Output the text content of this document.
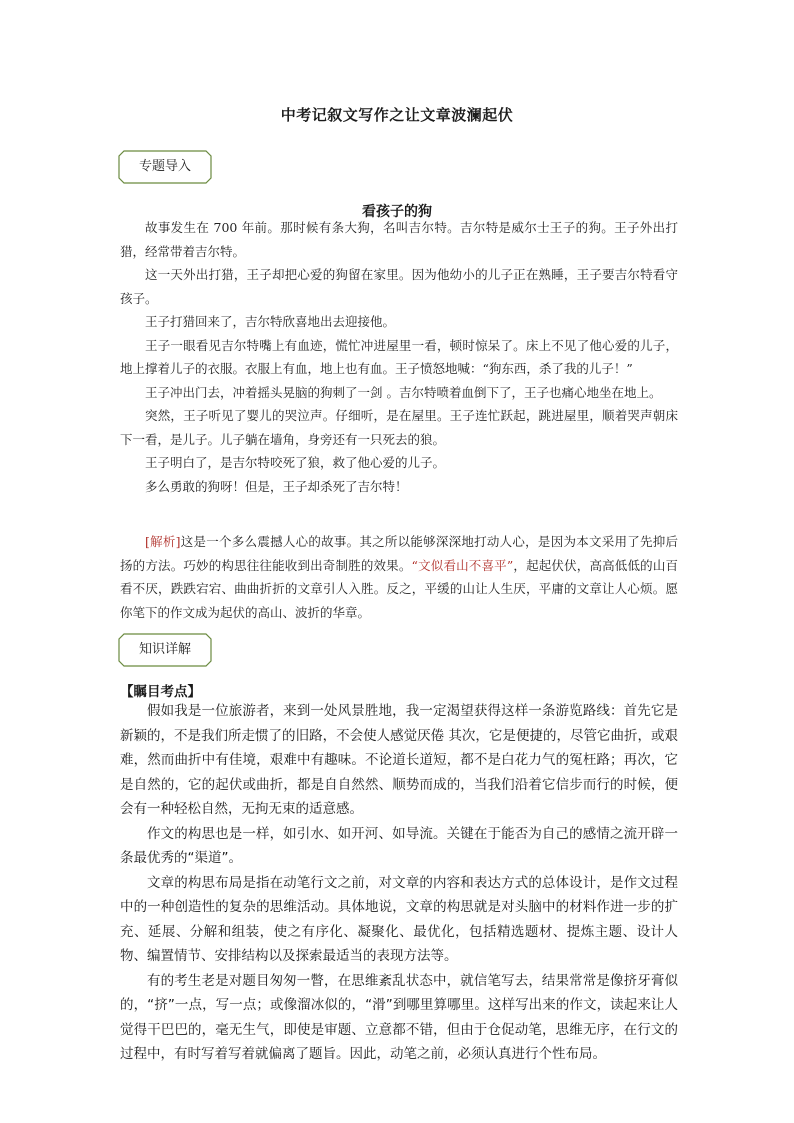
中考记叙文写作之让文章波澜起伏
专题导入
看孩子的狗

故事发生在 700 年前。那时候有条大狗，名叫吉尔特。吉尔特是威尔士王子的狗。王子外出打猎，经常带着吉尔特。

这一天外出打猎，王子却把心爱的狗留在家里。因为他幼小的儿子正在熟睡，王子要吉尔特看守孩子。

王子打猎回来了，吉尔特欣喜地出去迎接他。

王子一眼看见吉尔特嘴上有血迹，慌忙冲进屋里一看，顿时惊呆了。床上不见了他心爱的儿子，地上撑着儿子的衣服。衣服上有血，地上也有血。王子愤怒地喊：“狗东西，杀了我的儿子！”

王子冲出门去，冲着摇头晃脑的狗刺了一剑 。吉尔特喷着血倒下了，王子也痛心地坐在地上。

突然，王子听见了婴儿的哭泣声。仔细听，是在屋里。王子连忙跃起，跳进屋里，顺着哭声朝床下一看，是儿子。儿子躺在墙角，身旁还有一只死去的狼。

王子明白了，是吉尔特咬死了狼，救了他心爱的儿子。

多么勇敢的狗呀！但是，王子却杀死了吉尔特！

[解析]这是一个多么震撼人心的故事。其之所以能够深深地打动人心，是因为本文采用了先抑后扬的方法。巧妙的构思往往能收到出奇制胜的效果。“文似看山不喜平”，起起伏伏，高高低低的山百看不厌，跌跌宕宕、曲曲折折的文章引人入胜。反之，平缓的山让人生厌，平庸的文章让人心烦。愿你笔下的作文成为起伏的高山、波折的华章。
知识详解
【瞩目考点】

假如我是一位旅游者，来到一处风景胜地，我一定渴望获得这样一条游览路线：首先它是新颖的，不是我们所走惯了的旧路，不会使人感觉厌倦 其次，它是便捷的，尽管它曲折，或艰难，然而曲折中有佳境，艰难中有趣味。不论道长道短，都不是白花力气的冤枉路；再次，它是自然的，它的起伏或曲折，都是自自然然、顺势而成的，当我们沿着它信步而行的时候，便会有一种轻松自然，无拘无束的适意感。

作文的构思也是一样，如引水、如开河、如导流。关键在于能否为自己的感情之流开辟一条最优秀的“渠道”。

文章的构思布局是指在动笔行文之前，对文章的内容和表达方式的总体设计，是作文过程中的一种创造性的复杂的思维活动。具体地说，文章的构思就是对头脑中的材料作进一步的扩充、延展、分解和组装，使之有序化、凝聚化、最优化，包括精选题材、提炼主题、设计人物、编置情节、安排结构以及探索最适当的表现方法等。

有的考生老是对题目匆匆一瞥，在思维紊乱状态中，就信笔写去，结果常常是像挤牙膏似的，“挤”一点，写一点；或像溜冰似的，“滑”到哪里算哪里。这样写出来的作文，读起来让人觉得干巴巴的，毫无生气，即使是审题、立意都不错，但由于仓促动笔，思维无序，在行文的过程中，有时写着写着就偏离了题旨。因此，动笔之前，必须认真进行个性布局。
